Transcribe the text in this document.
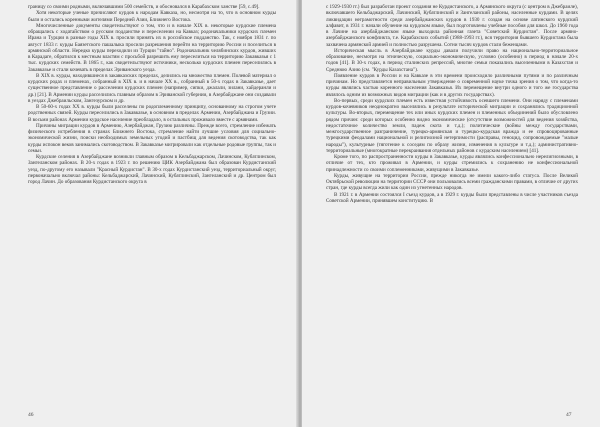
границу со своими родными, включавшими 500 семейств, и обосновался в Карабахском ханстве [59, с.49].

Хотя некоторые ученые причисляют курдов к народам Кавказа, но, несмотря на то, что в основном курды были и остались коренными жителями Передней Азии, Ближнего Востока.

Многочисленные документы свидетельствуют о том, что и в начале XIX в. некоторые курдские племена обращались с ходатайством о русском подданстве и переселении на Кавказ; родоначальники курдских племен Ирана и Турции в разные годы XIX в. просили принять их в российское подданство. Так, с ноября 1831 г. по август 1833 г. курды Баязетского пашалыка просили разрешения перейти на территорию России и поселиться в армянской области. Нередко курды переходили из Турции "тайно". Родоначальник челябинских курдов, живших в Карадаге, обратился к местным властям с просьбой разрешить ему переселиться на территорию Закавказья с 1 тыс. курдских семейств. В 1865 г., как свидетельствуют источники, несколько курдских племен переселились в Закавказье и стали кочевать в пределах Эриванского уезда.

В XIX в. курды, находившиеся в закавказских пределах, делились на множество племен. Полевой материал о курдских родах и племенах, собранный в XIX в. и в начале XX в., собранный в 50-х годах в Закавказье, дает существенное представление о расселении курдских племен (например, сипки, джалали, зилани, хайдеранли и др.) [21]. В Армении курды расселились главным образом в Эриванской губернии, в Азербайджане они создавали в уездах Джебраильском, Зангезурском и др.

В 50-60-х годах XX в. курды были расселены по родоплеменному принципу, основанному на строгом учете родственных связей. Курды переселились в Закавказье, в основном в пределах Армении, Азербайджана и Грузии. В восьми районах Армении курдское население преобладало, в остальных проживало вместе с армянами.

Причины миграции курдов в Армению, Азербайджан, Грузию различны. Прежде всего, стремление избежать физического истребления в странах Ближнего Востока, стремление найти лучшие условия для социально-экономической жизни, поиски необходимых земельных угодий и пастбищ для ведения скотоводства, так как курды испокон веков занимались скотоводством. В Закавказье мигрировали как отдельные родовые группы, так и семьи.

Курдские селения в Азербайджане возникли главным образом в Кельбаджарском, Лачинском, Кубатлинском, Зангеланском районах. В 20-х годах в 1923 г. по решению ЦИК Азербайджана был образован Курдистанский уезд, по-другому его называли "Красный Курдистан". В 30-х годах Курдистанский уезд, территориальный округ, первоначально включал районы: Кельбаджарский, Лачинский, Кубатлинский, Зангеланский и др. Центром был город Лачин. До образования Курдистанского округа в

46

с 1929-1930 гг.) был разработан проект создания не Курдистанского, а Армянского округа (с центром в Джебраиле), включавшего Кельбаджарский, Лачинский, Кубатлинский и Зангеланский районы, населенные курдами. В целях ликвидации неграмотности среди азербайджанских курдов в 1930 г. создан на основе латинского курдский алфавит, в 1931 г. начали обучение на курдском языке, был подготовлены учебные пособия для школ. До 1960 года в Лачине на азербайджанском языке выходила районная газета "Советский Курдистан". После армяно-азербайджанского конфликта, т.е. Карабахских событий (1988-1993 гг.), вся территория бывшего Курдистана была захвачена армянской армией и полностью разрушена. Сотни тысяч курдов стали беженцами.

Историческая мысль в Азербайджане курды давали получили право на национально-территориальное образование, несмотря на этническую, социально-экономическую, условно (особенно) в период в начале 20-х годов [41]. В 30-х годах, в период сталинских репрессий, многие семьи показались выселенными в Казахстан и Среднюю Азию (см. "Курды Казахстана").

Появление курдов в России и на Кавказе в эти времени происходило различными путями и по различным причинам. Но представляется неправильным утверждение о современной науке точка зрения о том, что когда-то курды являлись частью коренного населения Закавказья. Их перемещение внутри одного и того же государства являлось одним из возможных видов миграции (как и в других государствах).

Во-первых, среди курдских племен есть известная устойчивость осевшего племени. Они наряду с племенами курдов-кочевников неоднократно выселялись в результате исторической миграции и сохранялись традиционной культуры. Во-вторых, перемещение тех или иных курдских племен и племенных объединений было обусловлено рядом причин: среди которых особенно видно экономические (отсутствие возможностей для ведения хозяйства, недостаточное количество земли, падеж скота и т.д.); политические (войны между государствами, межгосударственное разграничение, турецко-армянская и турецко-курдская вражда и ее спровоцированные турецкими феодалами национальной и религиозной нетерпимости (расправы, геноцид, сопровождаемые "малые народы"), культурные (тяготение к соседям по образу жизни, изменения в культуре и т.д.); административно-территориальные (многократные перекраивания отдельных районов с курдским населением) [41].

Кроме того, по распространенности курды в Закавказье, курды являлись конфессионально нерелигиозными, в отличие от тех, кто проживал в Армении, и курды стремились к сохранению не конфессиональной принадлежности со своими соплеменниками, живущими в Закавказье.

Курды, живущие на территории России, прежде никогда не имели какого-либо статуса. После Великой Октябрьской революции на территории СССР они пользовались всеми гражданскими правами, в отличие от других стран, где курды всегда жили как один из угнетенных народов.

В 1921 г. в Армении состоялся I съезд курдов, а в 1929 г. курды были представлены в числе участников съезда Советской Армении, принявшем конституцию. В

47
